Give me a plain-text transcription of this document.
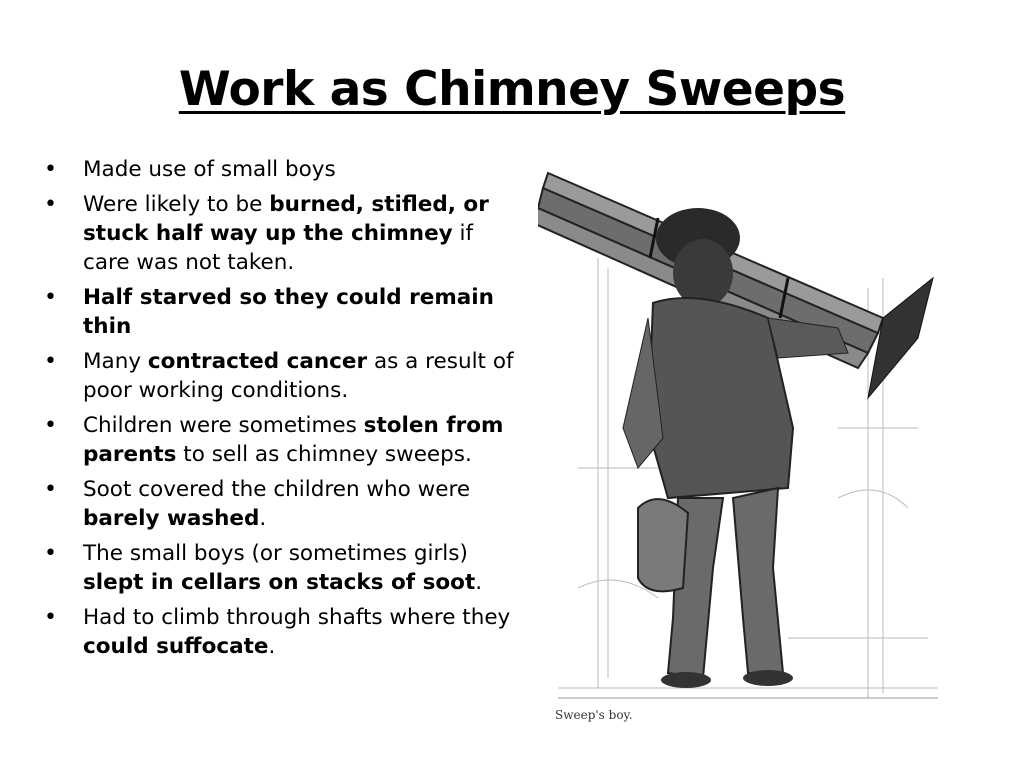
Work as Chimney Sweeps
• Made use of small boys
• Were likely to be burned, stifled, or stuck half way up the chimney if care was not taken.
• Half starved so they could remain thin
• Many contracted cancer as a result of poor working conditions.
• Children were sometimes stolen from parents to sell as chimney sweeps.
• Soot covered the children who were barely washed.
• The small boys (or sometimes girls) slept in cellars on stacks of soot.
• Had to climb through shafts where they could suffocate.
Sweep's boy.
